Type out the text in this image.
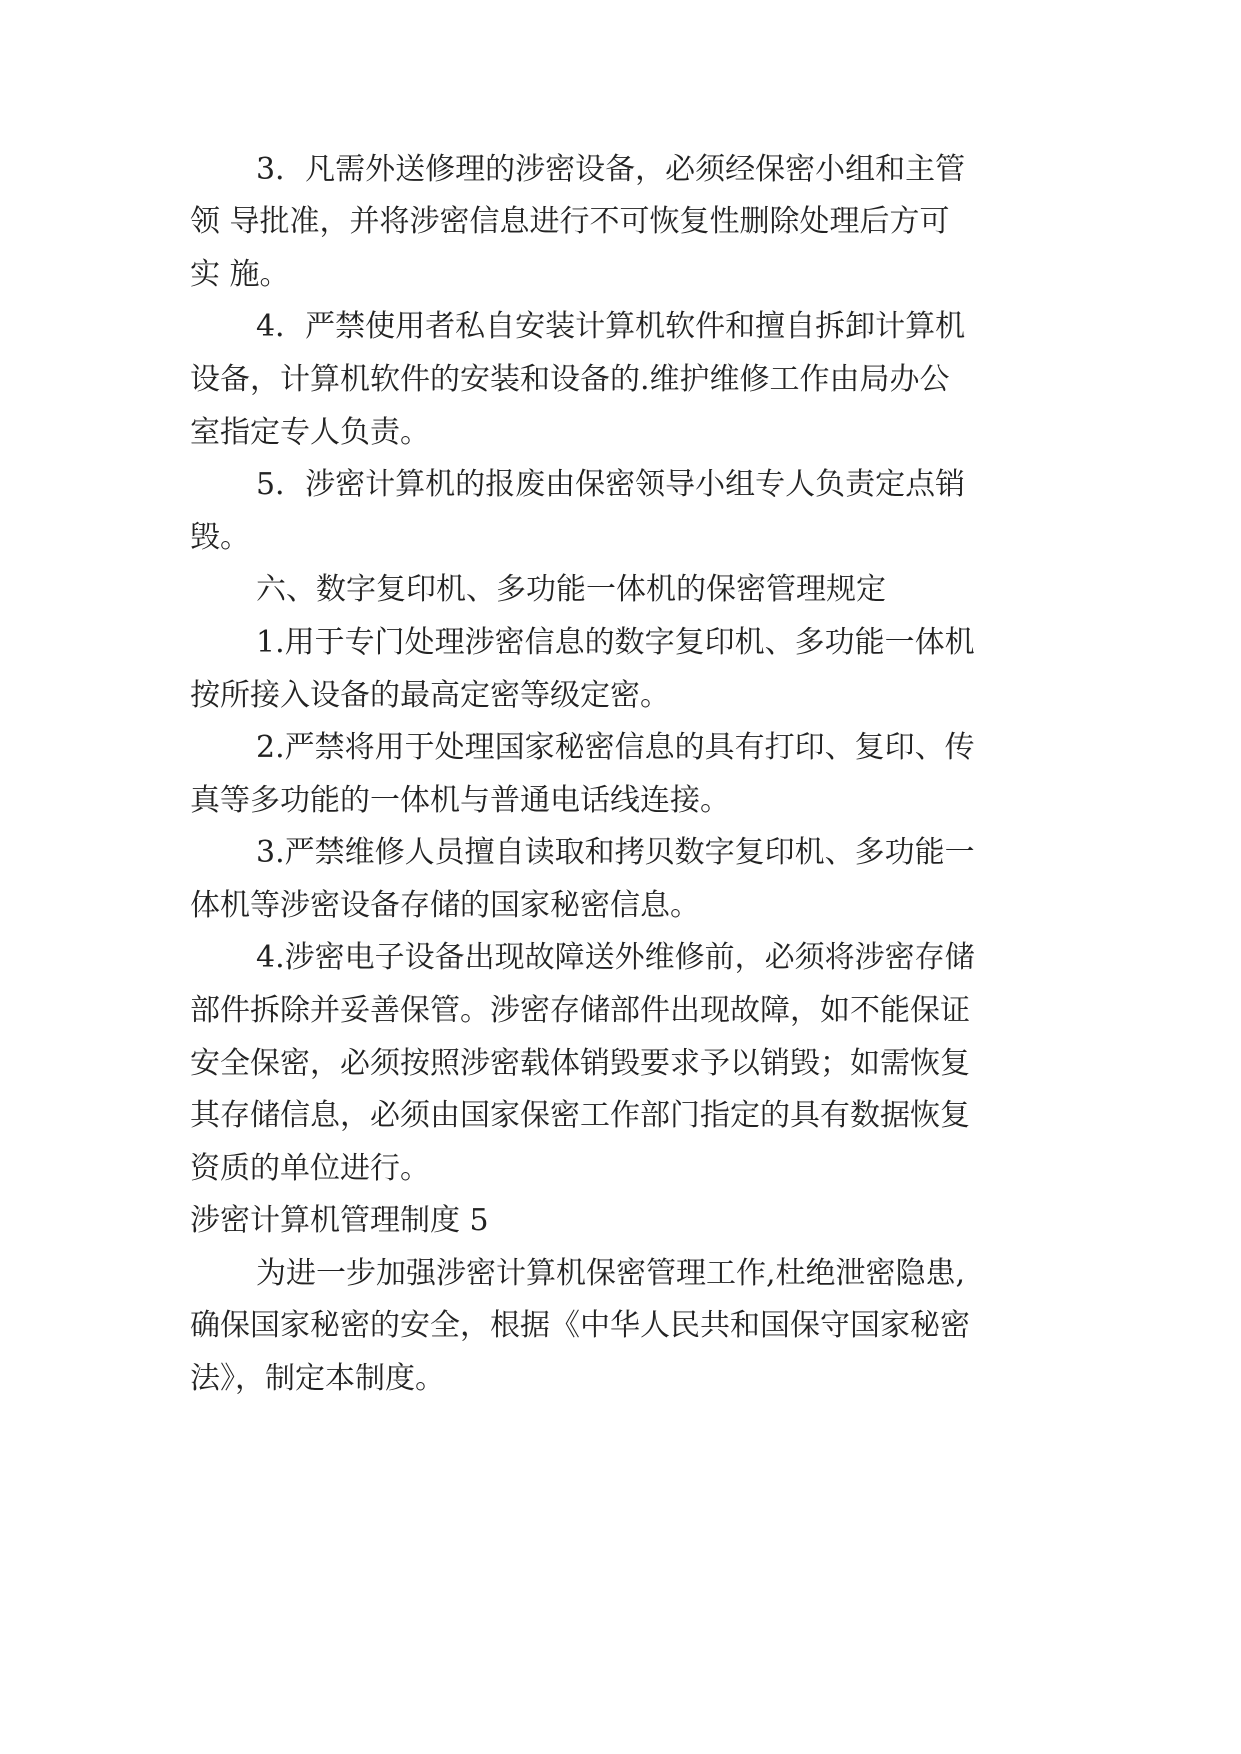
3．凡需外送修理的涉密设备，必须经保密小组和主管
领 导批准，并将涉密信息进行不可恢复性删除处理后方可
实 施。
4．严禁使用者私自安装计算机软件和擅自拆卸计算机
设备，计算机软件的安装和设备的.维护维修工作由局办公
室指定专人负责。
5．涉密计算机的报废由保密领导小组专人负责定点销
毁。
六、数字复印机、多功能一体机的保密管理规定
1.用于专门处理涉密信息的数字复印机、多功能一体机
按所接入设备的最高定密等级定密。
2.严禁将用于处理国家秘密信息的具有打印、复印、传
真等多功能的一体机与普通电话线连接。
3.严禁维修人员擅自读取和拷贝数字复印机、多功能一
体机等涉密设备存储的国家秘密信息。
4.涉密电子设备出现故障送外维修前，必须将涉密存储
部件拆除并妥善保管。涉密存储部件出现故障，如不能保证
安全保密，必须按照涉密载体销毁要求予以销毁；如需恢复
其存储信息，必须由国家保密工作部门指定的具有数据恢复
资质的单位进行。
涉密计算机管理制度 5
为进一步加强涉密计算机保密管理工作,杜绝泄密隐患,
确保国家秘密的安全，根据《中华人民共和国保守国家秘密
法》，制定本制度。
